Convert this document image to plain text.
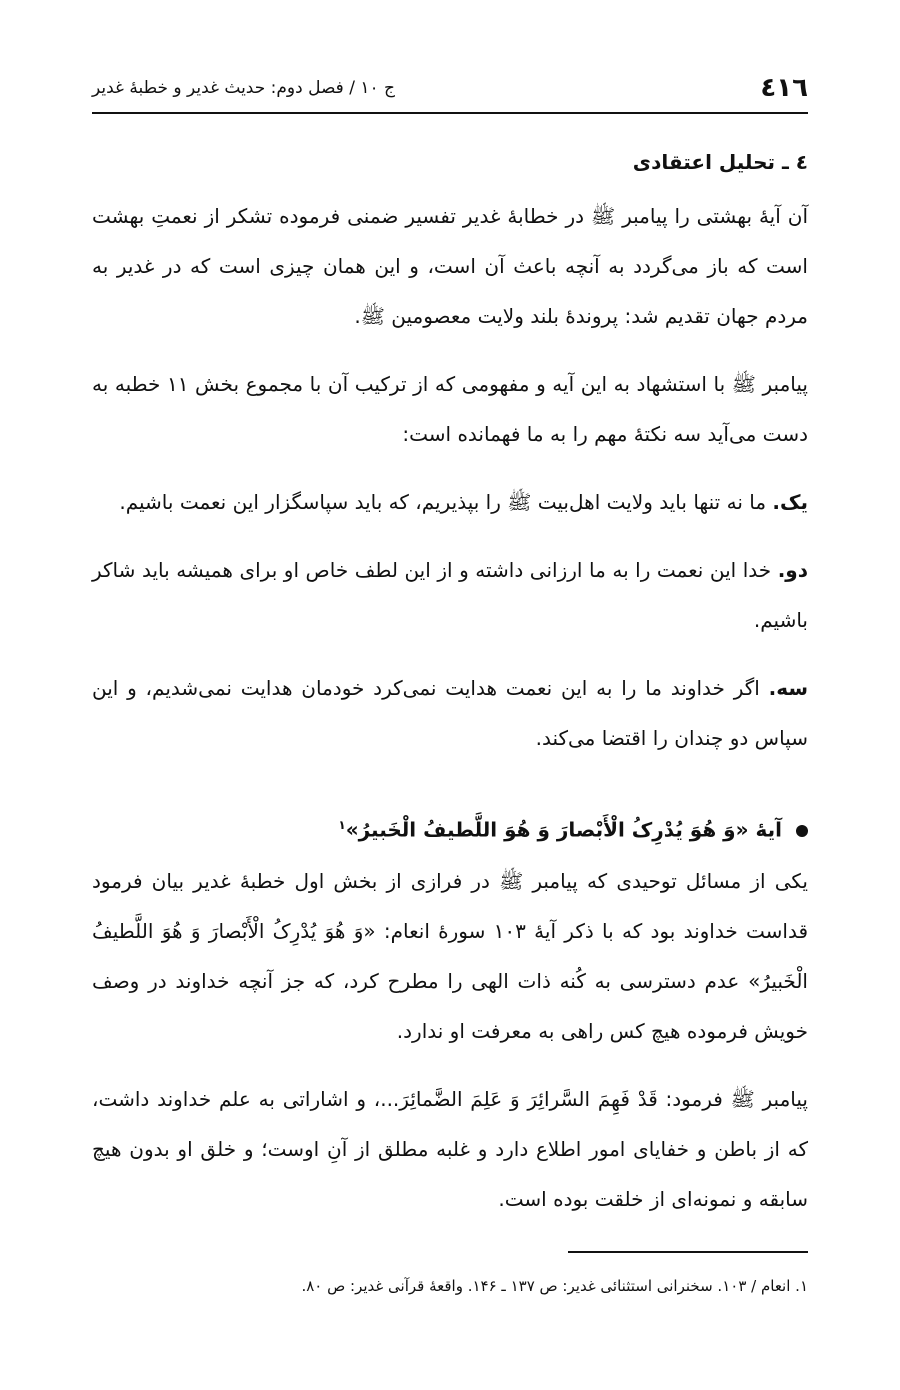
٤١٦
ج ۱۰ / فصل دوم: حدیث غدیر و خطبهٔ غدیر
٤ ـ تحلیل اعتقادی

آن آیهٔ بهشتی را پیامبر ﷺ در خطابهٔ غدیر تفسیر ضمنی فرموده تشکر از نعمتِ بهشت است که باز می‌گردد به آنچه باعث آن است، و این همان چیزی است که در غدیر به مردم جهان تقدیم شد: پروندهٔ بلند ولایت معصومین ﷺ.

پیامبر ﷺ با استشهاد به این آیه و مفهومی که از ترکیب آن با مجموع بخش ۱۱ خطبه به دست می‌آید سه نکتهٔ مهم را به ما فهمانده است:

یک. ما نه تنها باید ولایت اهل‌بیت ﷺ را بپذیریم، که باید سپاسگزار این نعمت باشیم.

دو. خدا این نعمت را به ما ارزانی داشته و از این لطف خاص او برای همیشه باید شاکر باشیم.

سه. اگر خداوند ما را به این نعمت هدایت نمی‌کرد خودمان هدایت نمی‌شدیم، و این سپاس دو چندان را اقتضا می‌کند.

آیهٔ «وَ هُوَ یُدْرِکُ الْأَبْصارَ وَ هُوَ اللَّطیفُ الْخَبیرُ»$^۱$

یکی از مسائل توحیدی که پیامبر ﷺ در فرازی از بخش اول خطبهٔ غدیر بیان فرمود قداست خداوند بود که با ذکر آیهٔ ۱۰۳ سورهٔ انعام: «وَ هُوَ یُدْرِکُ الْأَبْصارَ وَ هُوَ اللَّطیفُ الْخَبیرُ» عدم دسترسی به کُنه ذات الهی را مطرح کرد، که جز آنچه خداوند در وصف خویش فرموده هیچ کس راهی به معرفت او ندارد.

پیامبر ﷺ فرمود: قَدْ فَهِمَ السَّرائِرَ وَ عَلِمَ الضَّمائِرَ...، و اشاراتی به علم خداوند داشت، که از باطن و خفایای امور اطلاع دارد و غلبه مطلق از آنِ اوست؛ و خلق او بدون هیچ سابقه و نمونه‌ای از خلقت بوده است.

۱. انعام / ۱۰۳. سخنرانی استثنائی غدیر: ص ۱۳۷ ـ ۱۴۶. واقعهٔ قرآنی غدیر: ص ۸۰.
